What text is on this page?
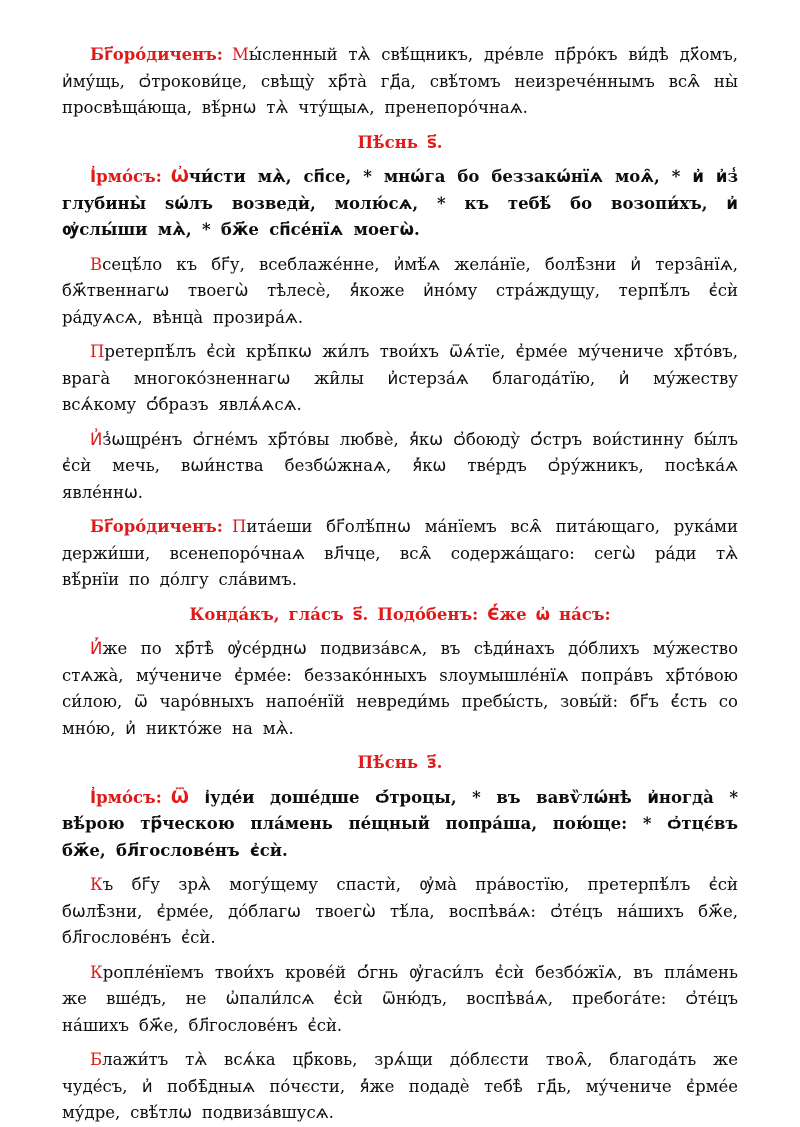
Бг҃оро́диченъ: Мы́сленный тѧ̀ свѣ́щникъ, дре́вле пр҃ро́къ ви́дѣ дх҃омъ, и҆му́щь, ѻ҆трокови́це, свѣщу̀ хр҃та̀ гд҃а, свѣ́томъ неизрече́ннымъ всѧ̑ ны̀ просвѣща́юща, вѣ́рнѡ тѧ̀ чту́щыѧ, пренепоро́чнаѧ.

Пѣ́снь ѕ҃.

І҆рмо́съ: Ѡ҆чи́сти мѧ̀, сп҃се, * мнѡ́га бо беззакѡ́нїѧ моѧ̑, * и҆ и҆з̾ глубины̀ ѕѡ́лъ возведѝ, молю́сѧ, * къ тебѣ́ бо возопи́хъ, и҆ ѹ҆слы́ши мѧ̀, * бж҃е сп҃се́нїѧ моегѡ̀.

Всецѣ́ло къ бг҃у, всеблаже́нне, и҆мѣ́ѧ жела́нїе, болѣ̑зни и҆ терза̑нїѧ, бж҃твеннагѡ твоегѡ̀ тѣлесѐ, я҆́коже и҆но́му стра́ждущу, терпѣ́лъ є҆сѝ ра́дуѧсѧ, вѣнца̀ прозира́ѧ.

Претерпѣ́лъ є҆сѝ крѣ́пкѡ жи́лъ твои́хъ ѿѧ́тїе, є҆рме́е му́чениче хр҃то́въ, врага̀ многоко́зненнагѡ жи̑лы и҆стерза́ѧ благода́тїю, и҆ му́жеству всѧ́кому ѻ҆́бразъ явлѧ́ѧсѧ.

И҆з̾ѡщре́нъ ѻ҆гне́мъ хр҃то́вы любвѐ, я҆́кѡ ѻ҆боюду̀ ѻ҆́стръ вои́стинну бы́лъ є҆сѝ мечь, вѡи́нства безбѡ́жнаѧ, я҆́кѡ тве́рдъ ѻ҆ру́жникъ, посѣка́ѧ явле́ннѡ.

Бг҃оро́диченъ: Пита́еши бг҃олѣ́пнѡ ма́нїемъ всѧ̑ пита́ющаго, рука́ми держи́ши, всенепоро́чнаѧ вл҃чце, всѧ̑ содержа́щаго: сегѡ̀ ра́ди тѧ̀ вѣ́рнїи по до́лгу сла́вимъ.

Конда́къ, гла́съ ѕ҃. Подо́бенъ: Є҆́же ѡ҆ на́съ:

И҆́же по хр҃тѣ̀ ѹ҆се́рднѡ подвиза́всѧ, въ сѣди́нахъ до́блихъ му́жество стѧжа̀, му́чениче є҆рме́е: беззако́нныхъ ѕлоумышле́нїѧ попра́въ хр҃то́вою си́лою, ѿ чаро́вныхъ напое́нїй невреди́мь пребы́сть, зовы́й: бг҃ъ є҆́сть со мно́ю, и҆ никто́же на мѧ̀.

Пѣ́снь з҃.

І҆рмо́съ: Ѿ і҆уде́и доше́дше ѻ҆́троцы, * въ вавѷлѡ́нѣ и҆ногда̀ * вѣ́рою тр҃ческою пла́мень пе́щный попра́ша, пою́ще: * ѻ҆тцє́въ бж҃е, бл҃гослове́нъ є҆сѝ.

Къ бг҃у зрѧ̀ могу́щему спастѝ, ѹ҆ма̀ пра́востїю, претерпѣ́лъ є҆сѝ бѡлѣ̑зни, є҆рме́е, до́благѡ твоегѡ̀ тѣ́ла, воспѣва́ѧ: ѻ҆те́цъ на́шихъ бж҃е, бл҃гослове́нъ є҆сѝ.

Кропле́нїемъ твои́хъ крове́й ѻ҆́гнь ѹ҆гаси́лъ є҆сѝ безбо́жїѧ, въ пла́мень же вше́дъ, не ѡ҆пали́лсѧ є҆сѝ ѿню́дъ, воспѣва́ѧ, пребога́те: ѻ҆те́цъ на́шихъ бж҃е, бл҃гослове́нъ є҆сѝ.

Блажи́тъ тѧ̀ всѧ́ка цр҃ковь, зрѧ́щи до́блєсти твоѧ̑, благода́ть же чуде́съ, и҆ побѣ̑дныѧ по́чєсти, я҆́же подадѐ тебѣ̀ гд҃ь, му́чениче є҆рме́е му́дре, свѣ́тлѡ подвиза́вшусѧ.
